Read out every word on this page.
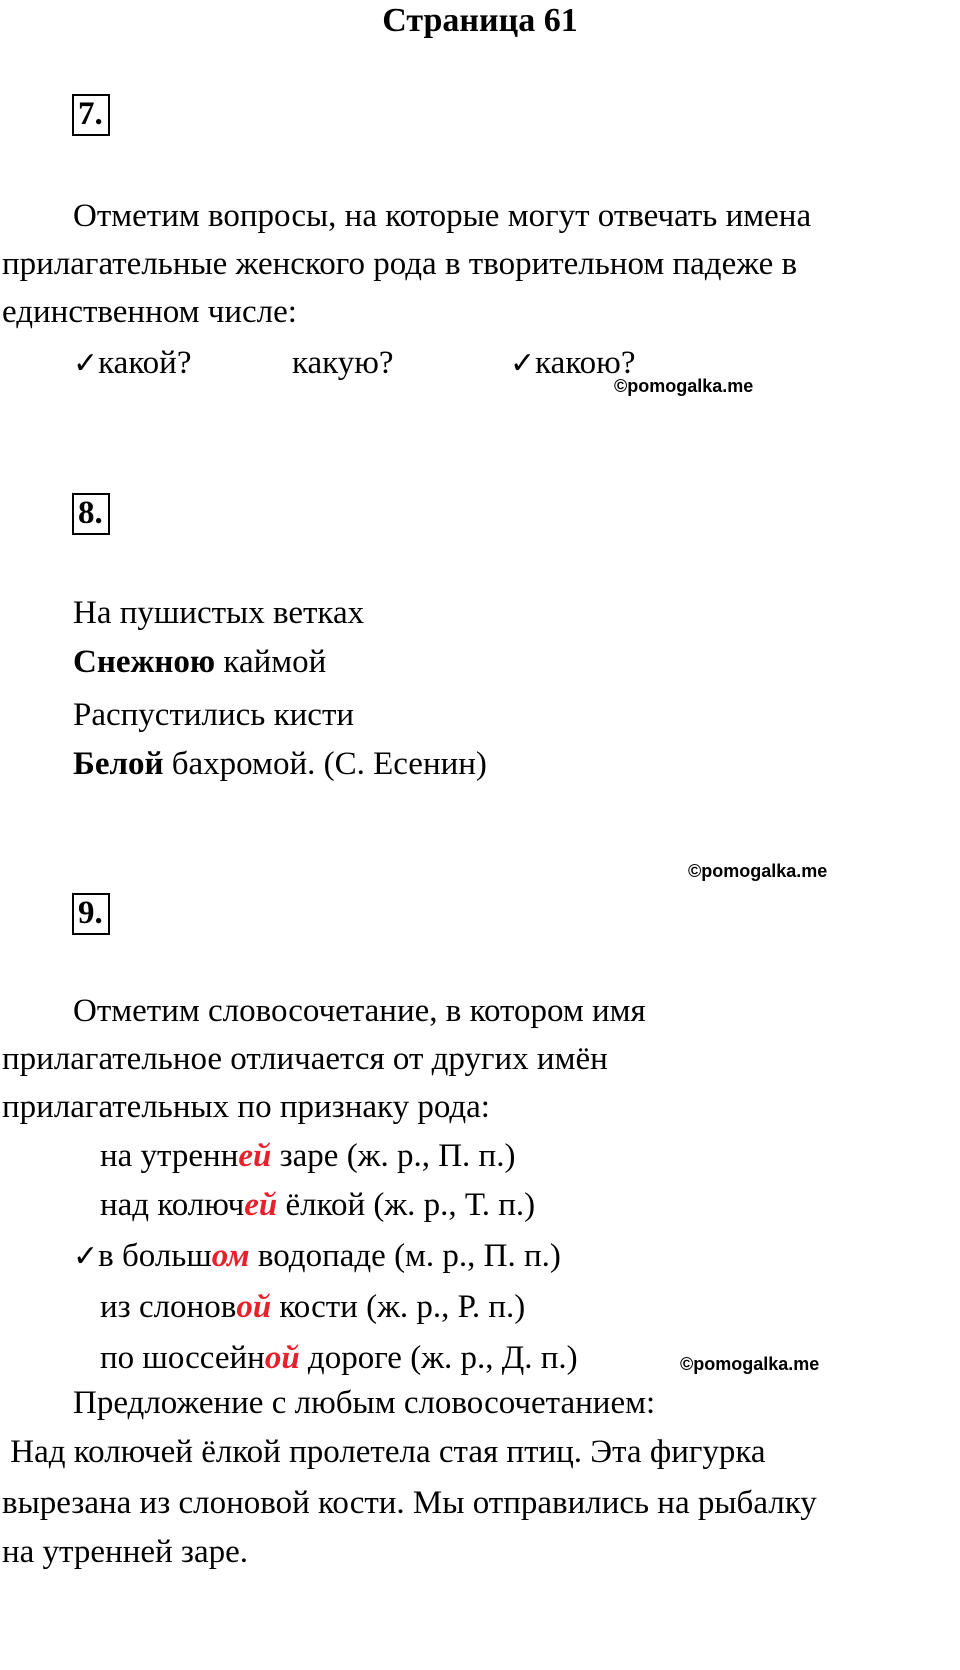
Страница 61
7.
Отметим вопросы, на которые могут отвечать имена
прилагательные женского рода в творительном падеже в
единственном числе:
✓какой?	какую?	✓какою?
©pomogalka.me
8.
На пушистых ветках
Снежною каймой
Распустились кисти
Белой бахромой. (С. Есенин)
©pomogalka.me
9.
Отметим словосочетание, в котором имя
прилагательное отличается от других имён
прилагательных по признаку рода:
на утренней заре (ж. р., П. п.)
над колючей ёлкой (ж. р., Т. п.)
✓в большом водопаде (м. р., П. п.)
из слоновой кости (ж. р., Р. п.)
по шоссейной дороге (ж. р., Д. п.)	©pomogalka.me
Предложение с любым словосочетанием:
Над колючей ёлкой пролетела стая птиц. Эта фигурка
вырезана из слоновой кости. Мы отправились на рыбалку
на утренней заре.
